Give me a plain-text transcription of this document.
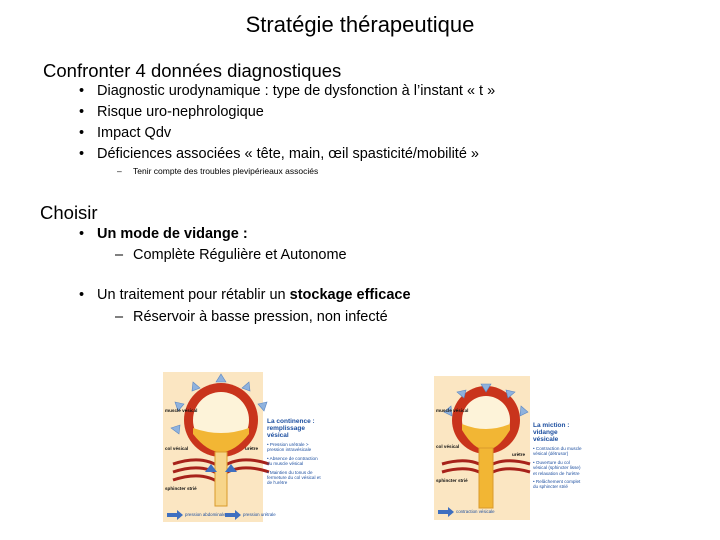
Stratégie thérapeutique
Confronter 4 données diagnostiques
• Diagnostic urodynamique : type de dysfonction à l’instant « t »
• Risque uro-nephrologique
• Impact Qdv
• Déficiences associées « tête, main, œil spasticité/mobilité »
– Tenir compte des troubles plevipérieaux associés
Choisir
• Un mode de vidange :
– Complète Régulière et Autonome
• Un traitement pour rétablir un stockage efficace
– Réservoir à basse pression, non infecté
muscle vésical
col vésical	urètre
sphincter strié
pression abdominale	pression urétrale
La continence : remplissage vésical
• Pression urétrale > pression intravésicale
• Absence de contraction du muscle vésical
• Maintien du tonus de fermeture du col vésical et de l'urètre
muscle vésical
col vésical
urètre
sphincter strié
contraction vésicale
La miction : vidange vésicale
• Contraction du muscle vésical (détrusor)
• Ouverture du col vésical (sphincter lisse) et relaxation de l'urètre
• Relâchement complet du sphincter strié
